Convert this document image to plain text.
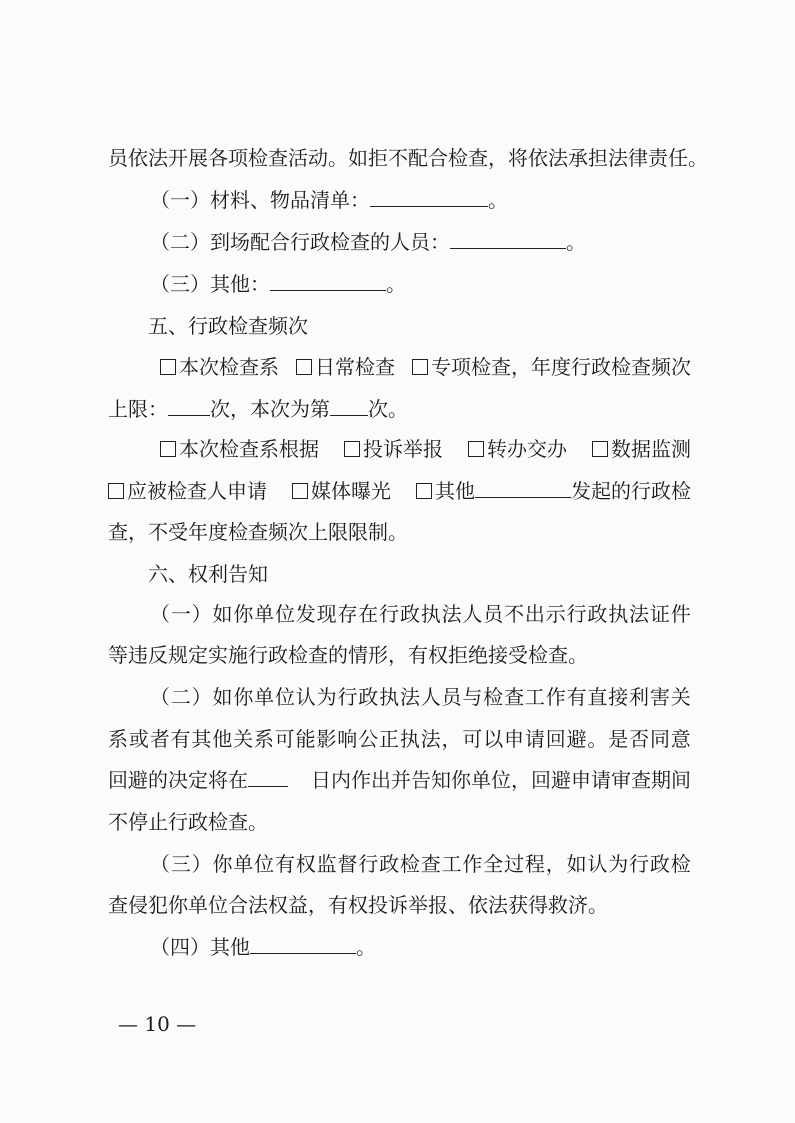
员 依 法 开 展 各 项 检 查 活 动 。 如 拒 不 配 合 检 查 ， 将 依 法 承 担 法 律 责 任 。
（一）材料、物品清单：	。
（二）到场配合行政检查的人员：	。
（三）其他：	。
五、行政检查频次
本次检查系	日常检查	专项检查，年度行政检查频次
上限： 次，本次为第 次。
本次检查系根据	投诉举报	转办交办	数据监测
应被检查人申请	媒体曝光	其他	发起的行政检
查，不受年度检查频次上限限制。
六、权利告知
（ 一 ） 如 你 单 位 发 现 存 在 行 政 执 法 人 员 不 出 示 行 政 执 法 证 件
等违反规定实施行政检查的情形，有权拒绝接受检查。
（ 二 ） 如 你 单 位 认 为 行 政 执 法 人 员 与 检 查 工 作 有 直 接 利 害 关
系 或 者 有 其 他 关 系 可 能 影 响 公 正 执 法 ， 可 以 申 请 回 避 。 是 否 同 意
回避的决定将在	日内作出并告知你单位，回避申请审查期间
不停止行政检查。
（ 三 ） 你 单 位 有 权 监 督 行 政 检 查 工 作 全 过 程 ， 如 认 为 行 政 检
查侵犯你单位合法权益，有权投诉举报、依法获得救济。
（四）其他	。
— 10 —
